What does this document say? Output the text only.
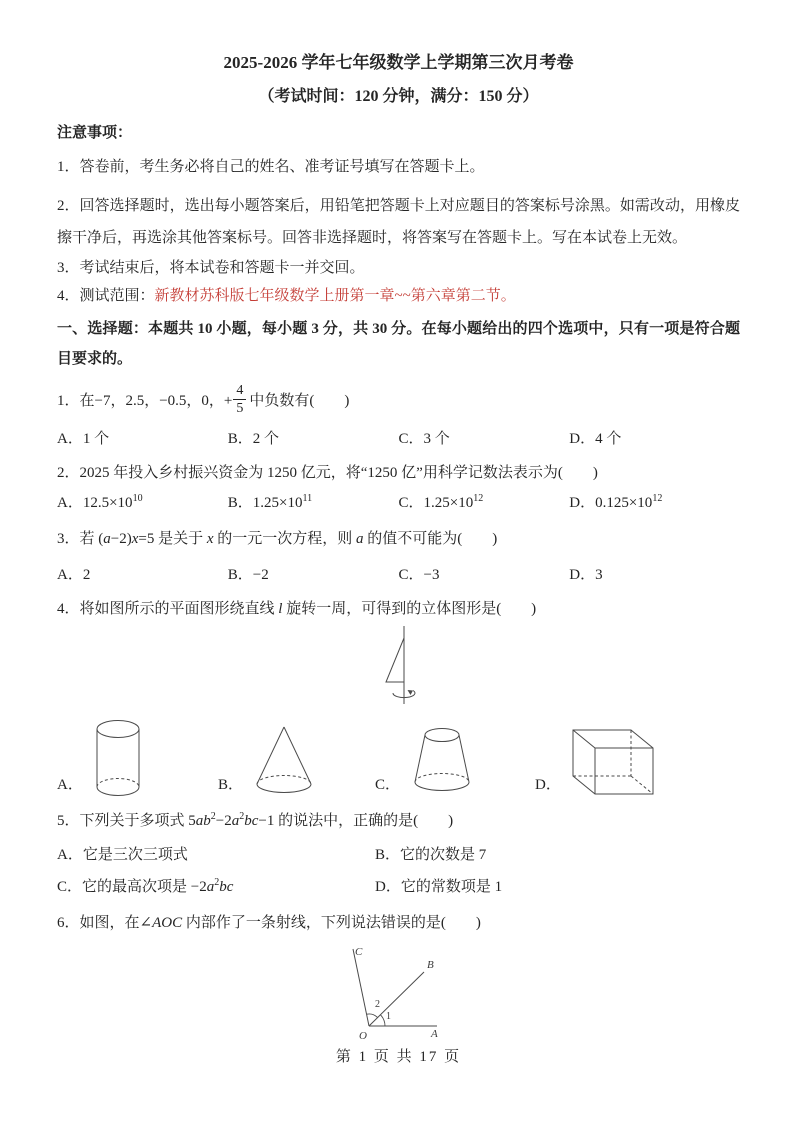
2025-2026 学年七年级数学上学期第三次月考卷
（考试时间：120 分钟，满分：150 分）
注意事项：

1．答卷前，考生务必将自己的姓名、准考证号填写在答题卡上。

2．回答选择题时，选出每小题答案后，用铅笔把答题卡上对应题目的答案标号涂黑。如需改动，用橡皮擦干净后，再选涂其他答案标号。回答非选择题时，将答案写在答题卡上。写在本试卷上无效。

3．考试结束后，将本试卷和答题卡一并交回。

4．测试范围：新教材苏科版七年级数学上册第一章~~第六章第二节。

一、选择题：本题共 10 小题，每小题 3 分，共 30 分。在每小题给出的四个选项中，只有一项是符合题目要求的。

1．在−7，2.5，−0.5，0，+ $\frac{4}{5}$ 中负数有(　　)

A．1 个	B．2 个	C．3 个	D．4 个

2．2025 年投入乡村振兴资金为 1250 亿元，将“1250 亿”用科学记数法表示为(　　)

A．$12.5\times 10^{10}$	B．$1.25\times 10^{11}$	C．$1.25\times 10^{12}$	D．$0.125\times 10^{12}$

3．若 (a−2)x=5 是关于 x 的一元一次方程，则 a 的值不可能为(　　)

A．2	B．−2	C．−3	D．3

4．将如图所示的平面图形绕直线 l 旋转一周，可得到的立体图形是(　　)

A．	B．	C．	D．

5．下列关于多项式 $5ab^2-2a^2bc-1$ 的说法中，正确的是(　　)

A．它是三次三项式	B．它的次数是 7
C．它的最高次项是 $-2a^2bc$	D．它的常数项是 1

6．如图，在∠AOC 内部作了一条射线，下列说法错误的是(　　)

A
B
C
O
1
2
第 1 页 共 17 页
